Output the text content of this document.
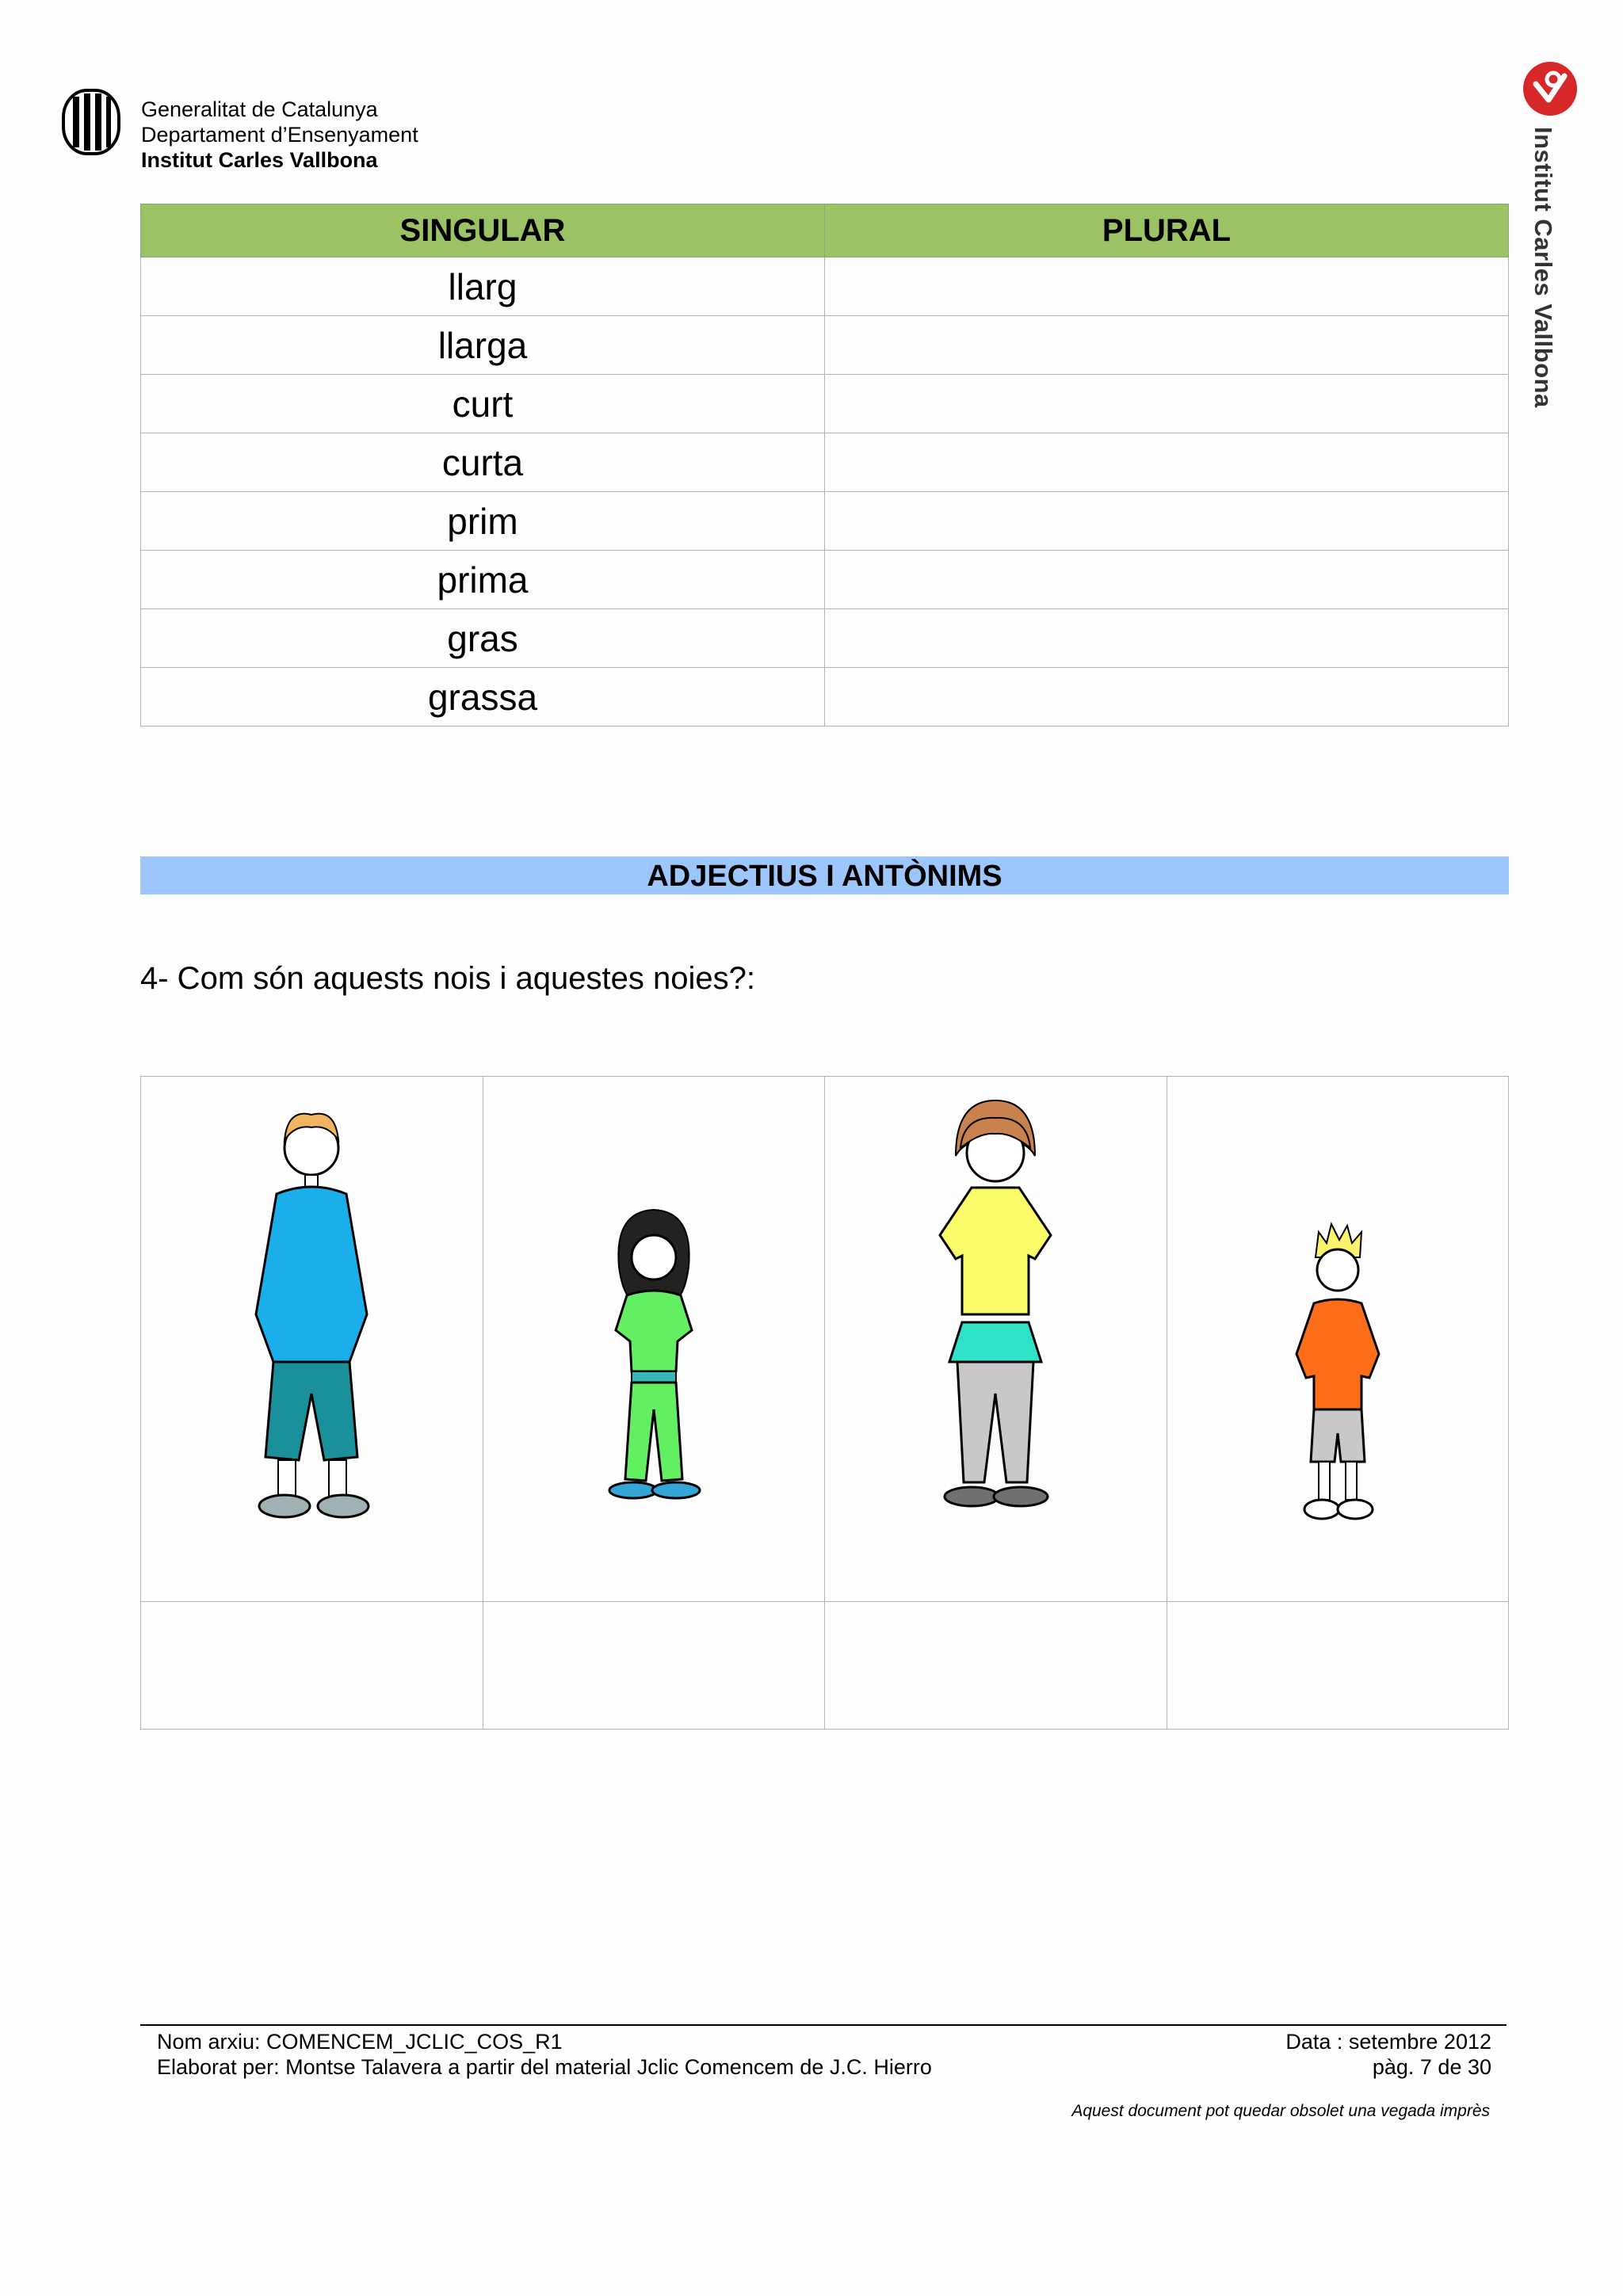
Generalitat de Catalunya
Departament d’Ensenyament
Institut Carles Vallbona	Institut Carles Vallbona
SINGULAR	PLURAL
llarg	
llarga	
curt	
curta	
prim	
prima	
gras	
grassa	
ADJECTIUS I ANTÒNIMS
4- Com són aquests nois i aquestes noies?:

Nom arxiu: COMENCEM_JCLIC_COS_R1
Elaborat per: Montse Talavera a partir del material Jclic Comencem de J.C. Hierro
Data : setembre 2012
pàg. 7 de 30
Aquest document pot quedar obsolet una vegada imprès
